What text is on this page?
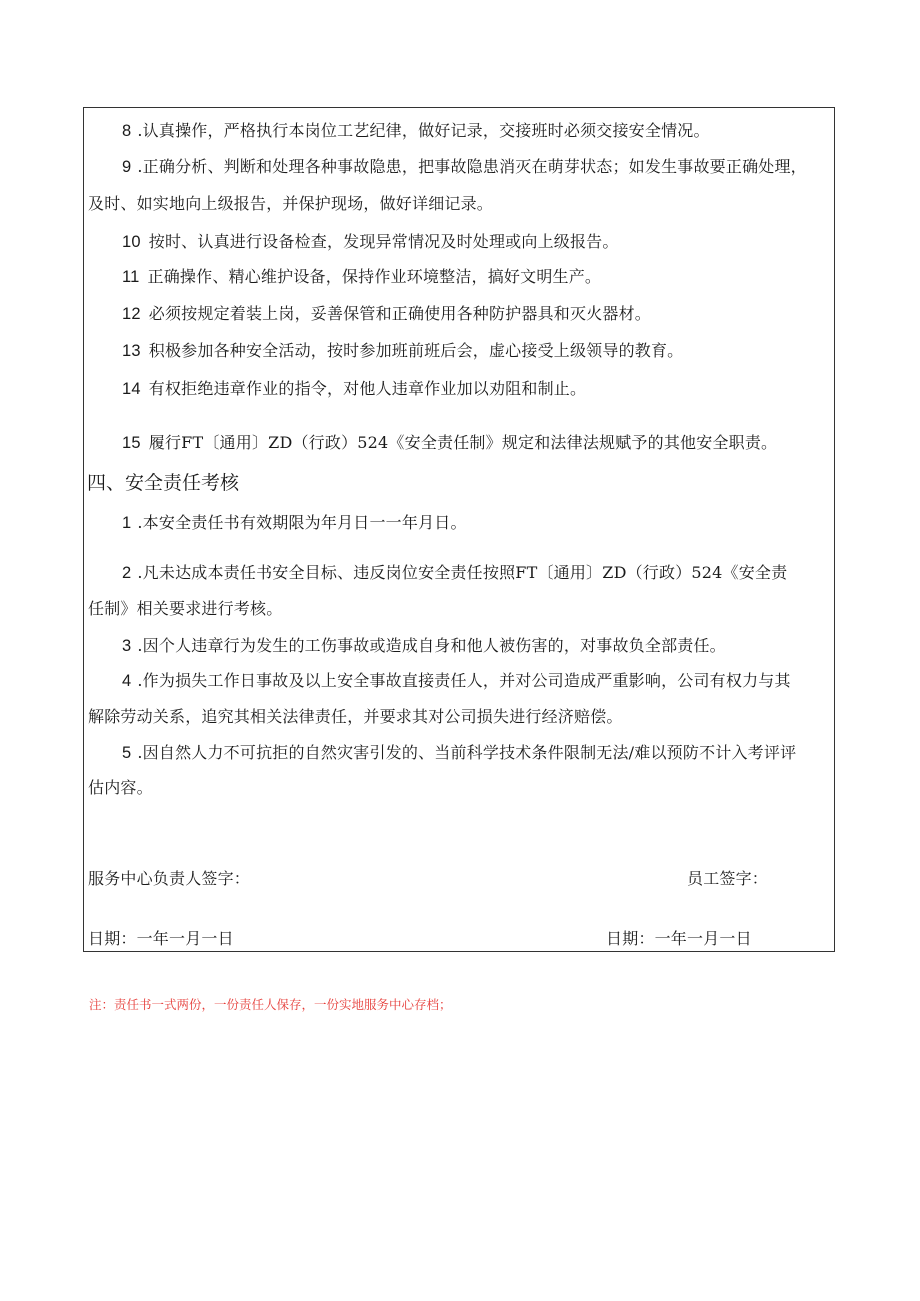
8 .认真操作，严格执行本岗位工艺纪律，做好记录，交接班时必须交接安全情况。
9 .正确分析、判断和处理各种事故隐患，把事故隐患消灭在萌芽状态；如发生事故要正确处理，
及时、如实地向上级报告，并保护现场，做好详细记录。
10 按时、认真进行设备检查，发现异常情况及时处理或向上级报告。
11 正确操作、精心维护设备，保持作业环境整洁，搞好文明生产。
12 必须按规定着装上岗，妥善保管和正确使用各种防护器具和灭火器材。
13 积极参加各种安全活动，按时参加班前班后会，虚心接受上级领导的教育。
14 有权拒绝违章作业的指令，对他人违章作业加以劝阻和制止。
15 履行FT〔通用〕ZD（行政）524《安全责任制》规定和法律法规赋予的其他安全职责。
四、安全责任考核
1 .本安全责任书有效期限为年月日一一年月日。
2 .凡未达成本责任书安全目标、违反岗位安全责任按照FT〔通用〕ZD（行政）524《安全责
任制》相关要求进行考核。
3 .因个人违章行为发生的工伤事故或造成自身和他人被伤害的，对事故负全部责任。
4 .作为损失工作日事故及以上安全事故直接责任人，并对公司造成严重影响，公司有权力与其
解除劳动关系，追究其相关法律责任，并要求其对公司损失进行经济赔偿。
5 .因自然人力不可抗拒的自然灾害引发的、当前科学技术条件限制无法/难以预防不计入考评评
估内容。
服务中心负责人签字：	员工签字：
日期：一年一月一日	日期：一年一月一日
注：责任书一式两份，一份责任人保存，一份实地服务中心存档；
